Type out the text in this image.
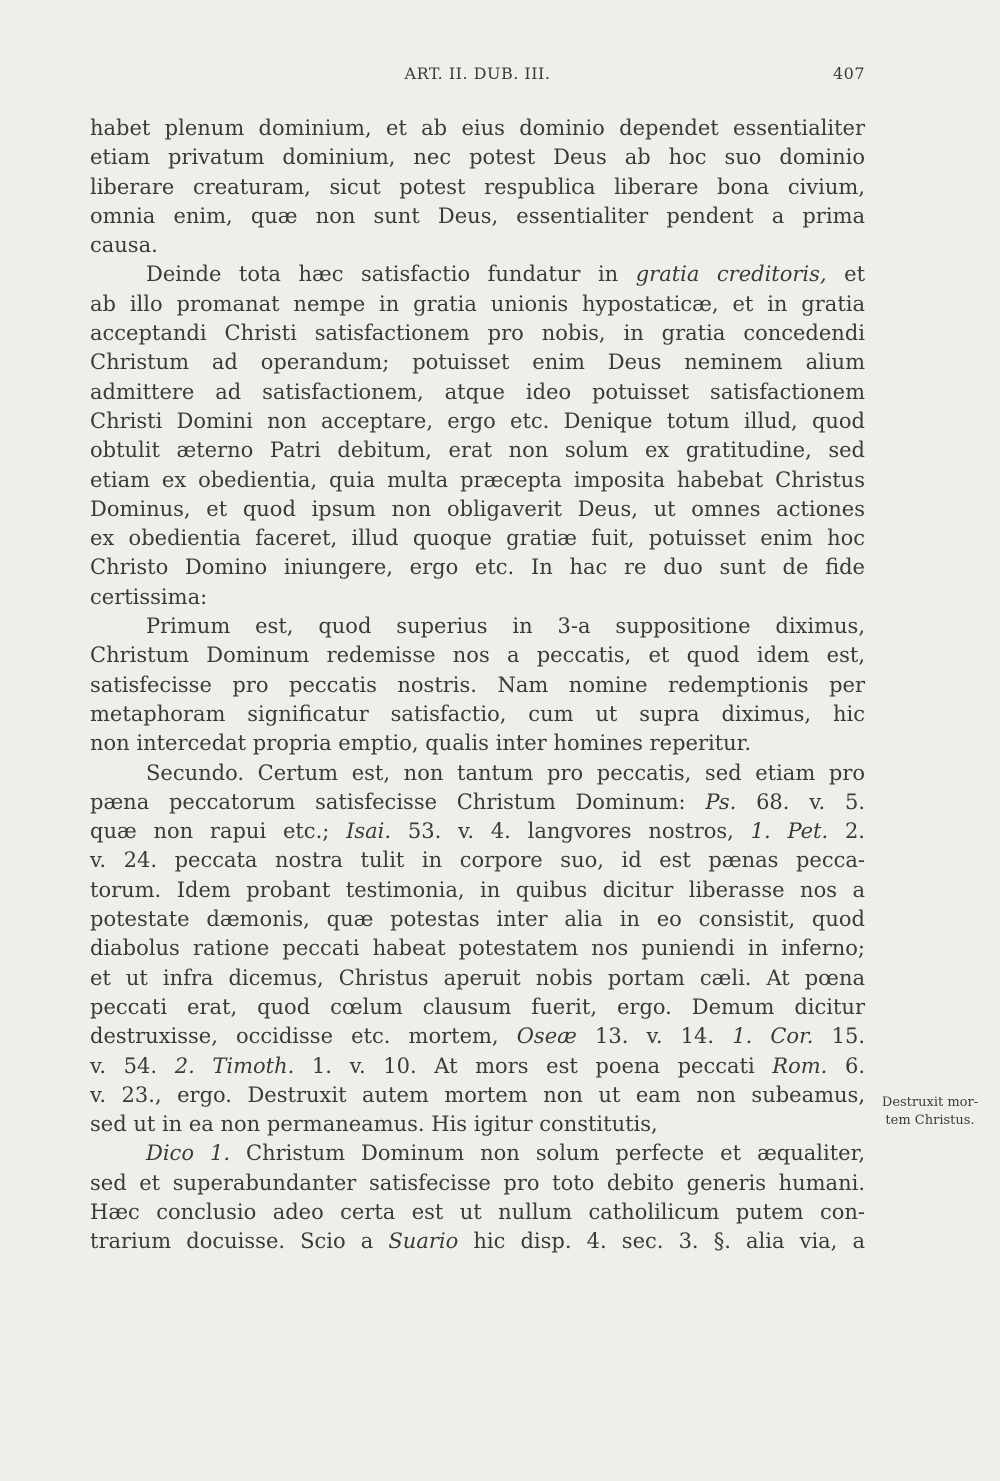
ART. II. DUB. III.	407
habet plenum dominium, et ab eius dominio dependet essentialiter
etiam privatum dominium, nec potest Deus ab hoc suo dominio
liberare creaturam, sicut potest respublica liberare bona civium,
omnia enim, quæ non sunt Deus, essentialiter pendent a prima
causa.
Deinde tota hæc satisfactio fundatur in gratia creditoris, et
ab illo promanat nempe in gratia unionis hypostaticæ, et in gratia
acceptandi Christi satisfactionem pro nobis, in gratia concedendi
Christum ad operandum; potuisset enim Deus neminem alium
admittere ad satisfactionem, atque ideo potuisset satisfactionem
Christi Domini non acceptare, ergo etc. Denique totum illud, quod
obtulit æterno Patri debitum, erat non solum ex gratitudine, sed
etiam ex obedientia, quia multa præcepta imposita habebat Christus
Dominus, et quod ipsum non obligaverit Deus, ut omnes actiones
ex obedientia faceret, illud quoque gratiæ fuit, potuisset enim hoc
Christo Domino iniungere, ergo etc. In hac re duo sunt de fide
certissima:
Primum est, quod superius in 3-a suppositione diximus,
Christum Dominum redemisse nos a peccatis, et quod idem est,
satisfecisse pro peccatis nostris. Nam nomine redemptionis per
metaphoram significatur satisfactio, cum ut supra diximus, hic
non intercedat propria emptio, qualis inter homines reperitur.
Secundo. Certum est, non tantum pro peccatis, sed etiam pro
pæna peccatorum satisfecisse Christum Dominum: Ps. 68. v. 5.
quæ non rapui etc.; Isai. 53. v. 4. langvores nostros, 1. Pet. 2.
v. 24. peccata nostra tulit in corpore suo, id est pænas pecca-
torum. Idem probant testimonia, in quibus dicitur liberasse nos a
potestate dæmonis, quæ potestas inter alia in eo consistit, quod
diabolus ratione peccati habeat potestatem nos puniendi in inferno;
et ut infra dicemus, Christus aperuit nobis portam cæli. At pœna
peccati erat, quod cœlum clausum fuerit, ergo. Demum dicitur
destruxisse, occidisse etc. mortem, Oseæ 13. v. 14. 1. Cor. 15.
v. 54. 2. Timoth. 1. v. 10. At mors est poena peccati Rom. 6.
v. 23., ergo. Destruxit autem mortem non ut eam non subeamus,
sed ut in ea non permaneamus. His igitur constitutis,
Dico 1. Christum Dominum non solum perfecte et æqualiter,
sed et superabundanter satisfecisse pro toto debito generis humani.
Hæc conclusio adeo certa est ut nullum catholilicum putem con-
trarium docuisse. Scio a Suario hic disp. 4. sec. 3. §. alia via, a
Destruxit mor-
tem Christus.
